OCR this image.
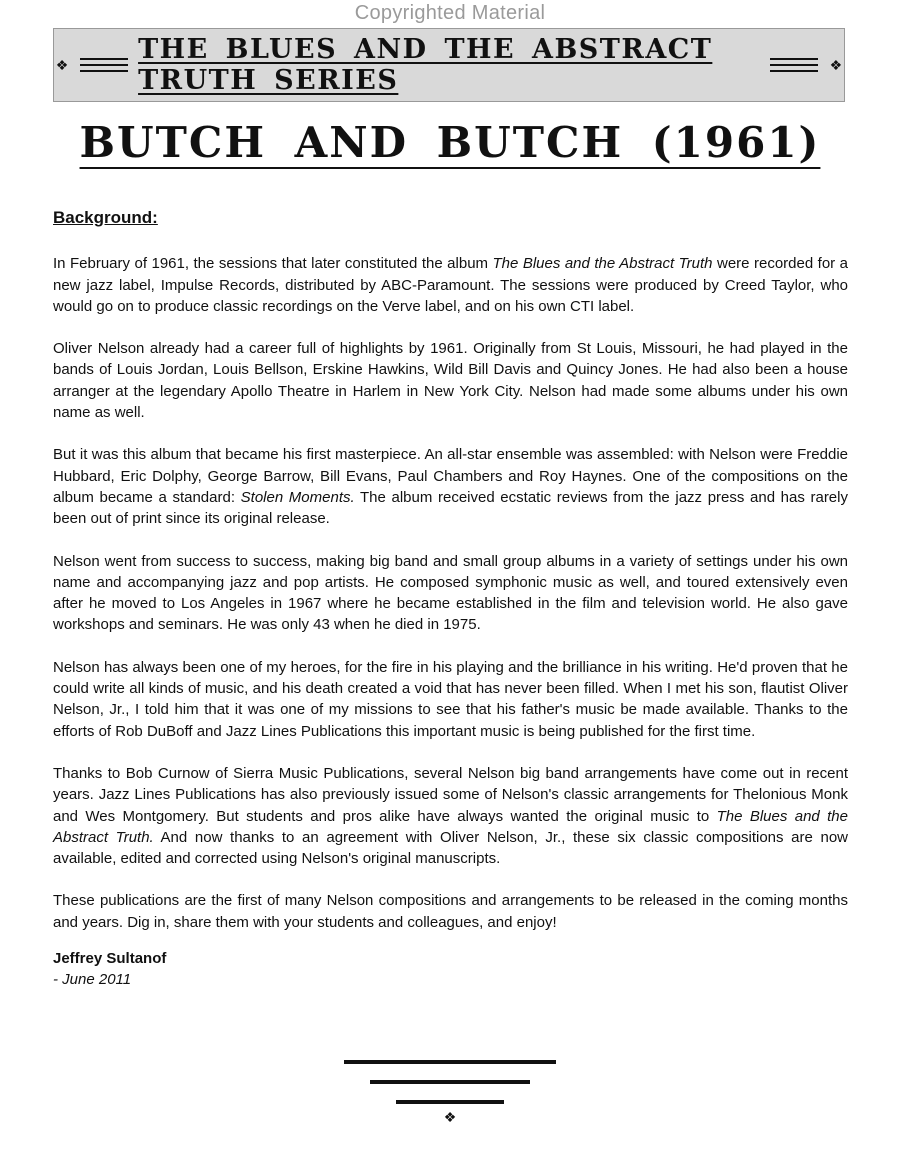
Copyrighted Material
❖	THE BLUES AND THE ABSTRACT TRUTH SERIES
❖
BUTCH AND BUTCH (1961)
Background:

In February of 1961, the sessions that later constituted the album The Blues and the Abstract Truth were recorded for a new jazz label, Impulse Records, distributed by ABC-Paramount. The sessions were produced by Creed Taylor, who would go on to produce classic recordings on the Verve label, and on his own CTI label.

Oliver Nelson already had a career full of highlights by 1961. Originally from St Louis, Missouri, he had played in the bands of Louis Jordan, Louis Bellson, Erskine Hawkins, Wild Bill Davis and Quincy Jones. He had also been a house arranger at the legendary Apollo Theatre in Harlem in New York City. Nelson had made some albums under his own name as well.

But it was this album that became his first masterpiece. An all-star ensemble was assembled: with Nelson were Freddie Hubbard, Eric Dolphy, George Barrow, Bill Evans, Paul Chambers and Roy Haynes. One of the compositions on the album became a standard: Stolen Moments. The album received ecstatic reviews from the jazz press and has rarely been out of print since its original release.

Nelson went from success to success, making big band and small group albums in a variety of settings under his own name and accompanying jazz and pop artists. He composed symphonic music as well, and toured extensively even after he moved to Los Angeles in 1967 where he became established in the film and television world. He also gave workshops and seminars. He was only 43 when he died in 1975.

Nelson has always been one of my heroes, for the fire in his playing and the brilliance in his writing. He'd proven that he could write all kinds of music, and his death created a void that has never been filled. When I met his son, flautist Oliver Nelson, Jr., I told him that it was one of my missions to see that his father's music be made available. Thanks to the efforts of Rob DuBoff and Jazz Lines Publications this important music is being published for the first time.

Thanks to Bob Curnow of Sierra Music Publications, several Nelson big band arrangements have come out in recent years. Jazz Lines Publications has also previously issued some of Nelson's classic arrangements for Thelonious Monk and Wes Montgomery. But students and pros alike have always wanted the original music to The Blues and the Abstract Truth. And now thanks to an agreement with Oliver Nelson, Jr., these six classic compositions are now available, edited and corrected using Nelson's original manuscripts.

These publications are the first of many Nelson compositions and arrangements to be released in the coming months and years. Dig in, share them with your students and colleagues, and enjoy!

Jeffrey Sultanof
- June 2011
❖
